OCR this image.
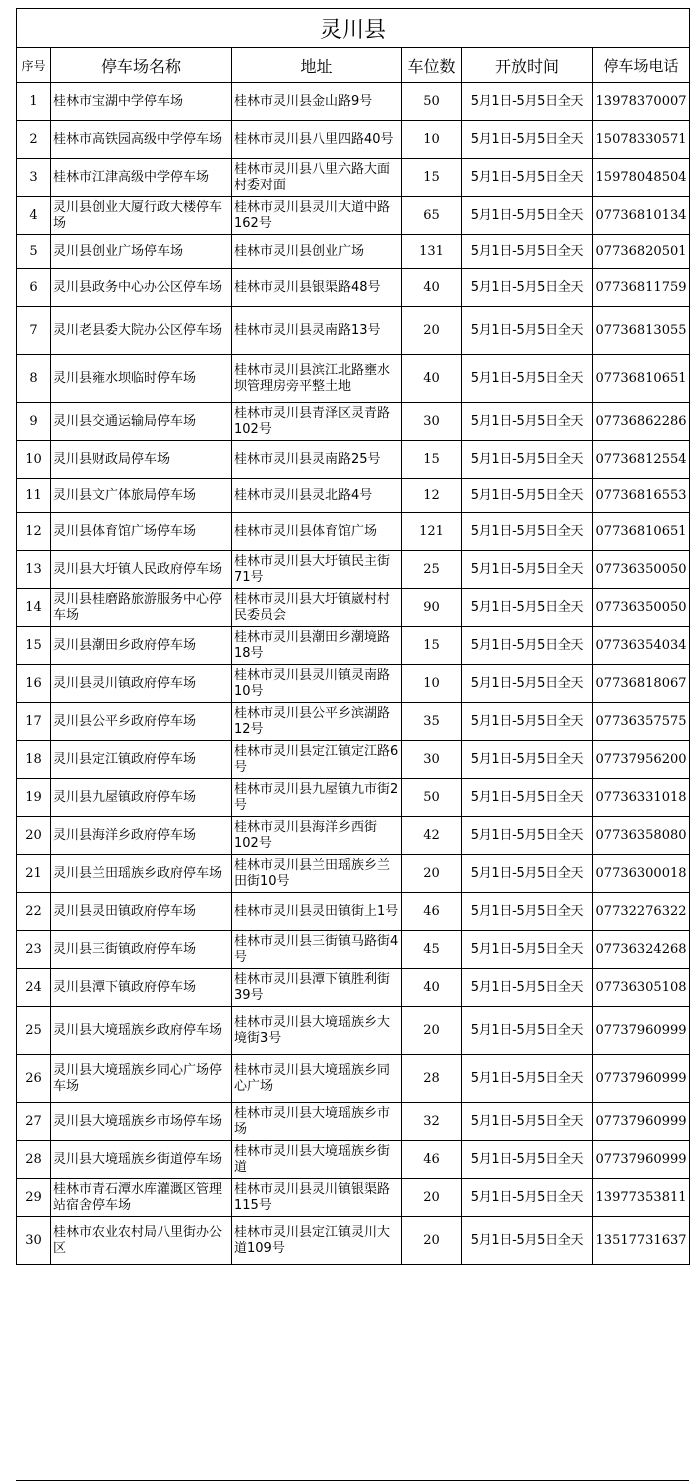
灵川县					
序号	停车场名称	地址	车位数	开放时间	停车场电话
1	桂林市宝湖中学停车场	桂林市灵川县金山路9号	50	5月1日-5月5日全天	13978370007
2	桂林市高铁园高级中学停车场	桂林市灵川县八里四路40号	10	5月1日-5月5日全天	15078330571
3	桂林市江津高级中学停车场	桂林市灵川县八里六路大面村委对面	15	5月1日-5月5日全天	15978048504
4	灵川县创业大厦行政大楼停车场	桂林市灵川县灵川大道中路162号	65	5月1日-5月5日全天	07736810134
5	灵川县创业广场停车场	桂林市灵川县创业广场	131	5月1日-5月5日全天	07736820501
6	灵川县政务中心办公区停车场	桂林市灵川县银渠路48号	40	5月1日-5月5日全天	07736811759
7	灵川老县委大院办公区停车场	桂林市灵川县灵南路13号	20	5月1日-5月5日全天	07736813055
8	灵川县雍水坝临时停车场	桂林市灵川县滨江北路壅水坝管理房旁平整土地	40	5月1日-5月5日全天	07736810651
9	灵川县交通运输局停车场	桂林市灵川县青泽区灵青路102号	30	5月1日-5月5日全天	07736862286
10	灵川县财政局停车场	桂林市灵川县灵南路25号	15	5月1日-5月5日全天	07736812554
11	灵川县文广体旅局停车场	桂林市灵川县灵北路4号	12	5月1日-5月5日全天	07736816553
12	灵川县体育馆广场停车场	桂林市灵川县体育馆广场	121	5月1日-5月5日全天	07736810651
13	灵川县大圩镇人民政府停车场	桂林市灵川县大圩镇民主街71号	25	5月1日-5月5日全天	07736350050
14	灵川县桂磨路旅游服务中心停车场	桂林市灵川县大圩镇崴村村民委员会	90	5月1日-5月5日全天	07736350050
15	灵川县潮田乡政府停车场	桂林市灵川县潮田乡潮境路18号	15	5月1日-5月5日全天	07736354034
16	灵川县灵川镇政府停车场	桂林市灵川县灵川镇灵南路10号	10	5月1日-5月5日全天	07736818067
17	灵川县公平乡政府停车场	桂林市灵川县公平乡滨湖路12号	35	5月1日-5月5日全天	07736357575
18	灵川县定江镇政府停车场	桂林市灵川县定江镇定江路6号	30	5月1日-5月5日全天	07737956200
19	灵川县九屋镇政府停车场	桂林市灵川县九屋镇九市街2号	50	5月1日-5月5日全天	07736331018
20	灵川县海洋乡政府停车场	桂林市灵川县海洋乡西街102号	42	5月1日-5月5日全天	07736358080
21	灵川县兰田瑶族乡政府停车场	桂林市灵川县兰田瑶族乡兰田街10号	20	5月1日-5月5日全天	07736300018
22	灵川县灵田镇政府停车场	桂林市灵川县灵田镇街上1号	46	5月1日-5月5日全天	07732276322
23	灵川县三街镇政府停车场	桂林市灵川县三街镇马路街4号	45	5月1日-5月5日全天	07736324268
24	灵川县潭下镇政府停车场	桂林市灵川县潭下镇胜利街39号	40	5月1日-5月5日全天	07736305108
25	灵川县大境瑶族乡政府停车场	桂林市灵川县大境瑶族乡大境街3号	20	5月1日-5月5日全天	07737960999
26	灵川县大境瑶族乡同心广场停车场	桂林市灵川县大境瑶族乡同心广场	28	5月1日-5月5日全天	07737960999
27	灵川县大境瑶族乡市场停车场	桂林市灵川县大境瑶族乡市场	32	5月1日-5月5日全天	07737960999
28	灵川县大境瑶族乡街道停车场	桂林市灵川县大境瑶族乡街道	46	5月1日-5月5日全天	07737960999
29	桂林市青石潭水库灌溉区管理站宿舍停车场	桂林市灵川县灵川镇银渠路115号	20	5月1日-5月5日全天	13977353811
30	桂林市农业农村局八里街办公区	桂林市灵川县定江镇灵川大道109号	20	5月1日-5月5日全天	13517731637
